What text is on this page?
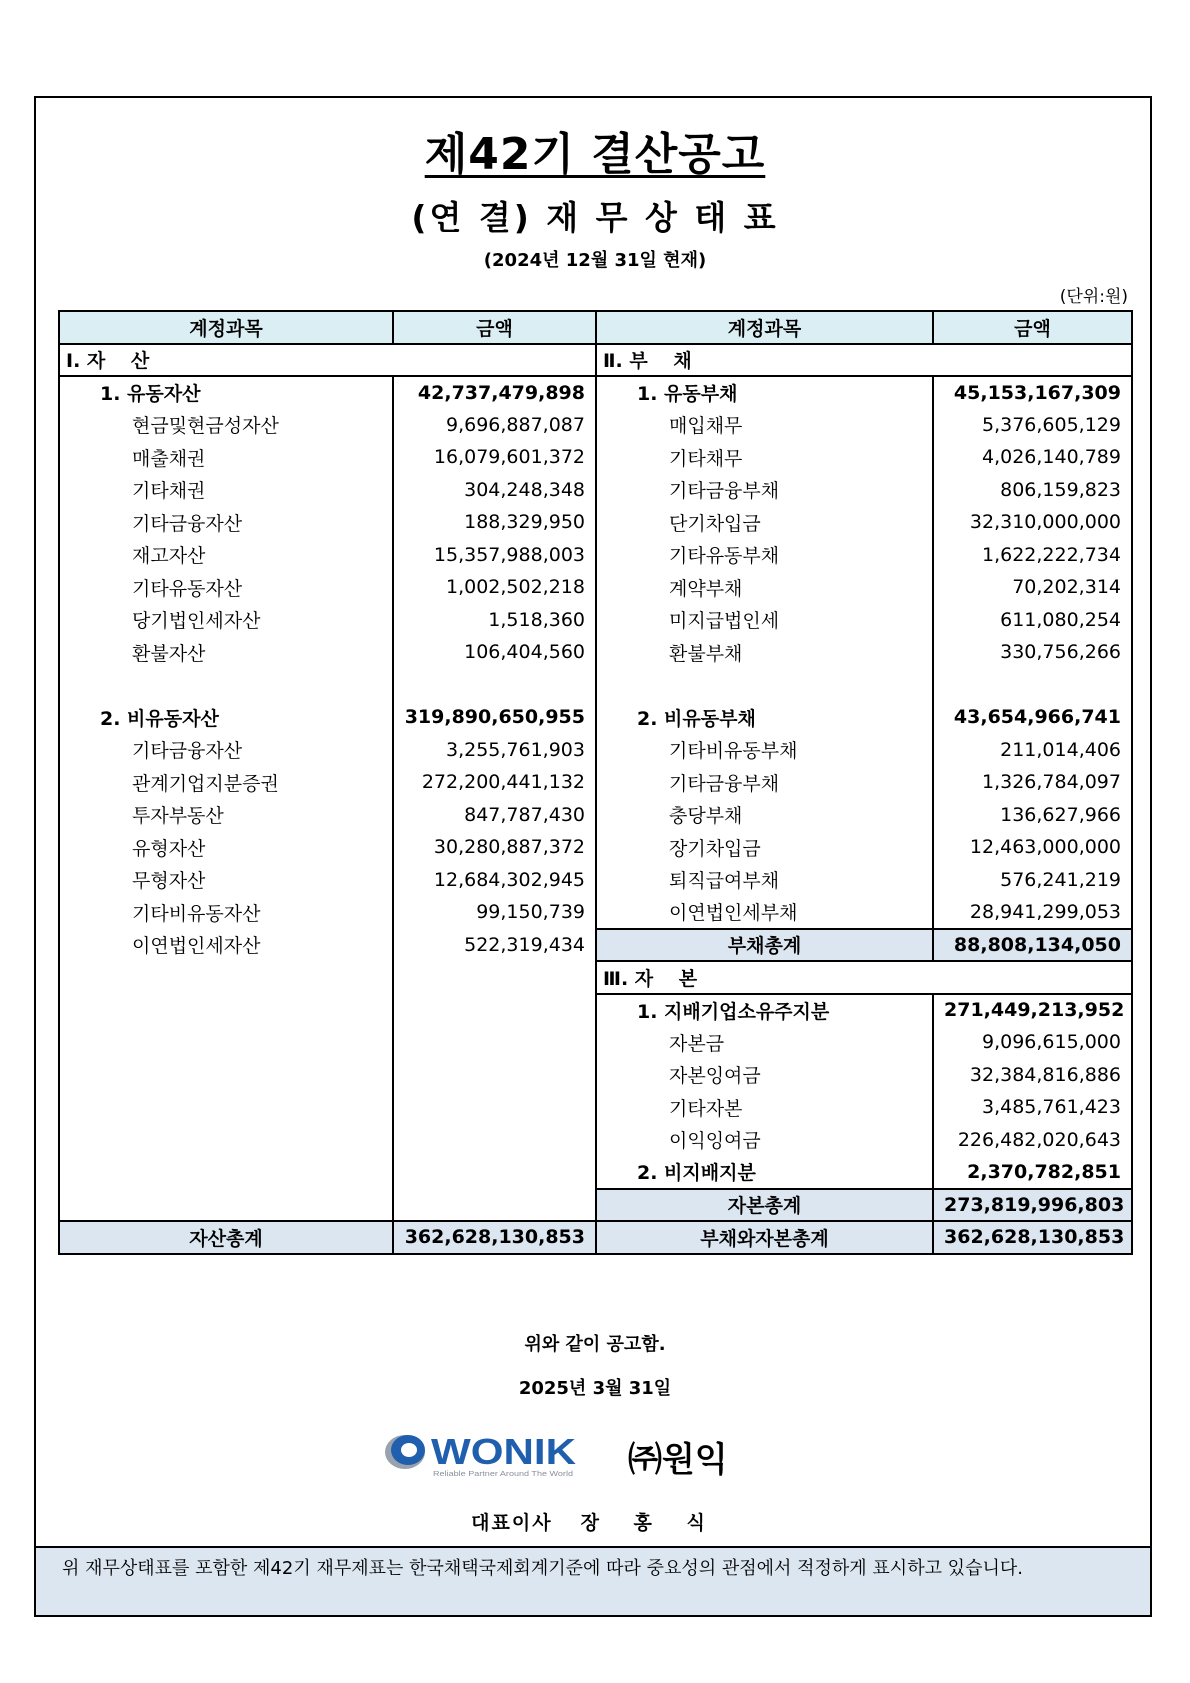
제42기 결산공고
(연 결) 재 무 상 태 표
(2024년 12월 31일 현재)
(단위:원)
계정과목	금액	계정과목	금액
Ⅰ. 자　 산		Ⅱ. 부　 채	
1. 유동자산	42,737,479,898	1. 유동부채	45,153,167,309
현금및현금성자산	9,696,887,087	매입채무	5,376,605,129
매출채권	16,079,601,372	기타채무	4,026,140,789
기타채권	304,248,348	기타금융부채	806,159,823
기타금융자산	188,329,950	단기차입금	32,310,000,000
재고자산	15,357,988,003	기타유동부채	1,622,222,734
기타유동자산	1,002,502,218	계약부채	70,202,314
당기법인세자산	1,518,360	미지급법인세	611,080,254
환불자산	106,404,560	환불부채	330,756,266

2. 비유동자산	319,890,650,955	2. 비유동부채	43,654,966,741
기타금융자산	3,255,761,903	기타비유동부채	211,014,406
관계기업지분증권	272,200,441,132	기타금융부채	1,326,784,097
투자부동산	847,787,430	충당부채	136,627,966
유형자산	30,280,887,372	장기차입금	12,463,000,000
무형자산	12,684,302,945	퇴직급여부채	576,241,219
기타비유동자산	99,150,739	이연법인세부채	28,941,299,053
이연법인세자산	522,319,434	부채총계	88,808,134,050
		Ⅲ. 자　 본	
		1. 지배기업소유주지분	271,449,213,952
		자본금	9,096,615,000
		자본잉여금	32,384,816,886
		기타자본	3,485,761,423
		이익잉여금	226,482,020,643
		2. 비지배지분	2,370,782,851
		자본총계	273,819,996,803
자산총계	362,628,130,853	부채와자본총계	362,628,130,853
위와 같이 공고함.
2025년 3월 31일
WONIK
Reliable Partner Around The World ㈜원익
대표이사 장 홍 식
위 재무상태표를 포함한 제42기 재무제표는 한국채택국제회계기준에 따라 중요성의 관점에서 적정하게 표시하고 있습니다.
